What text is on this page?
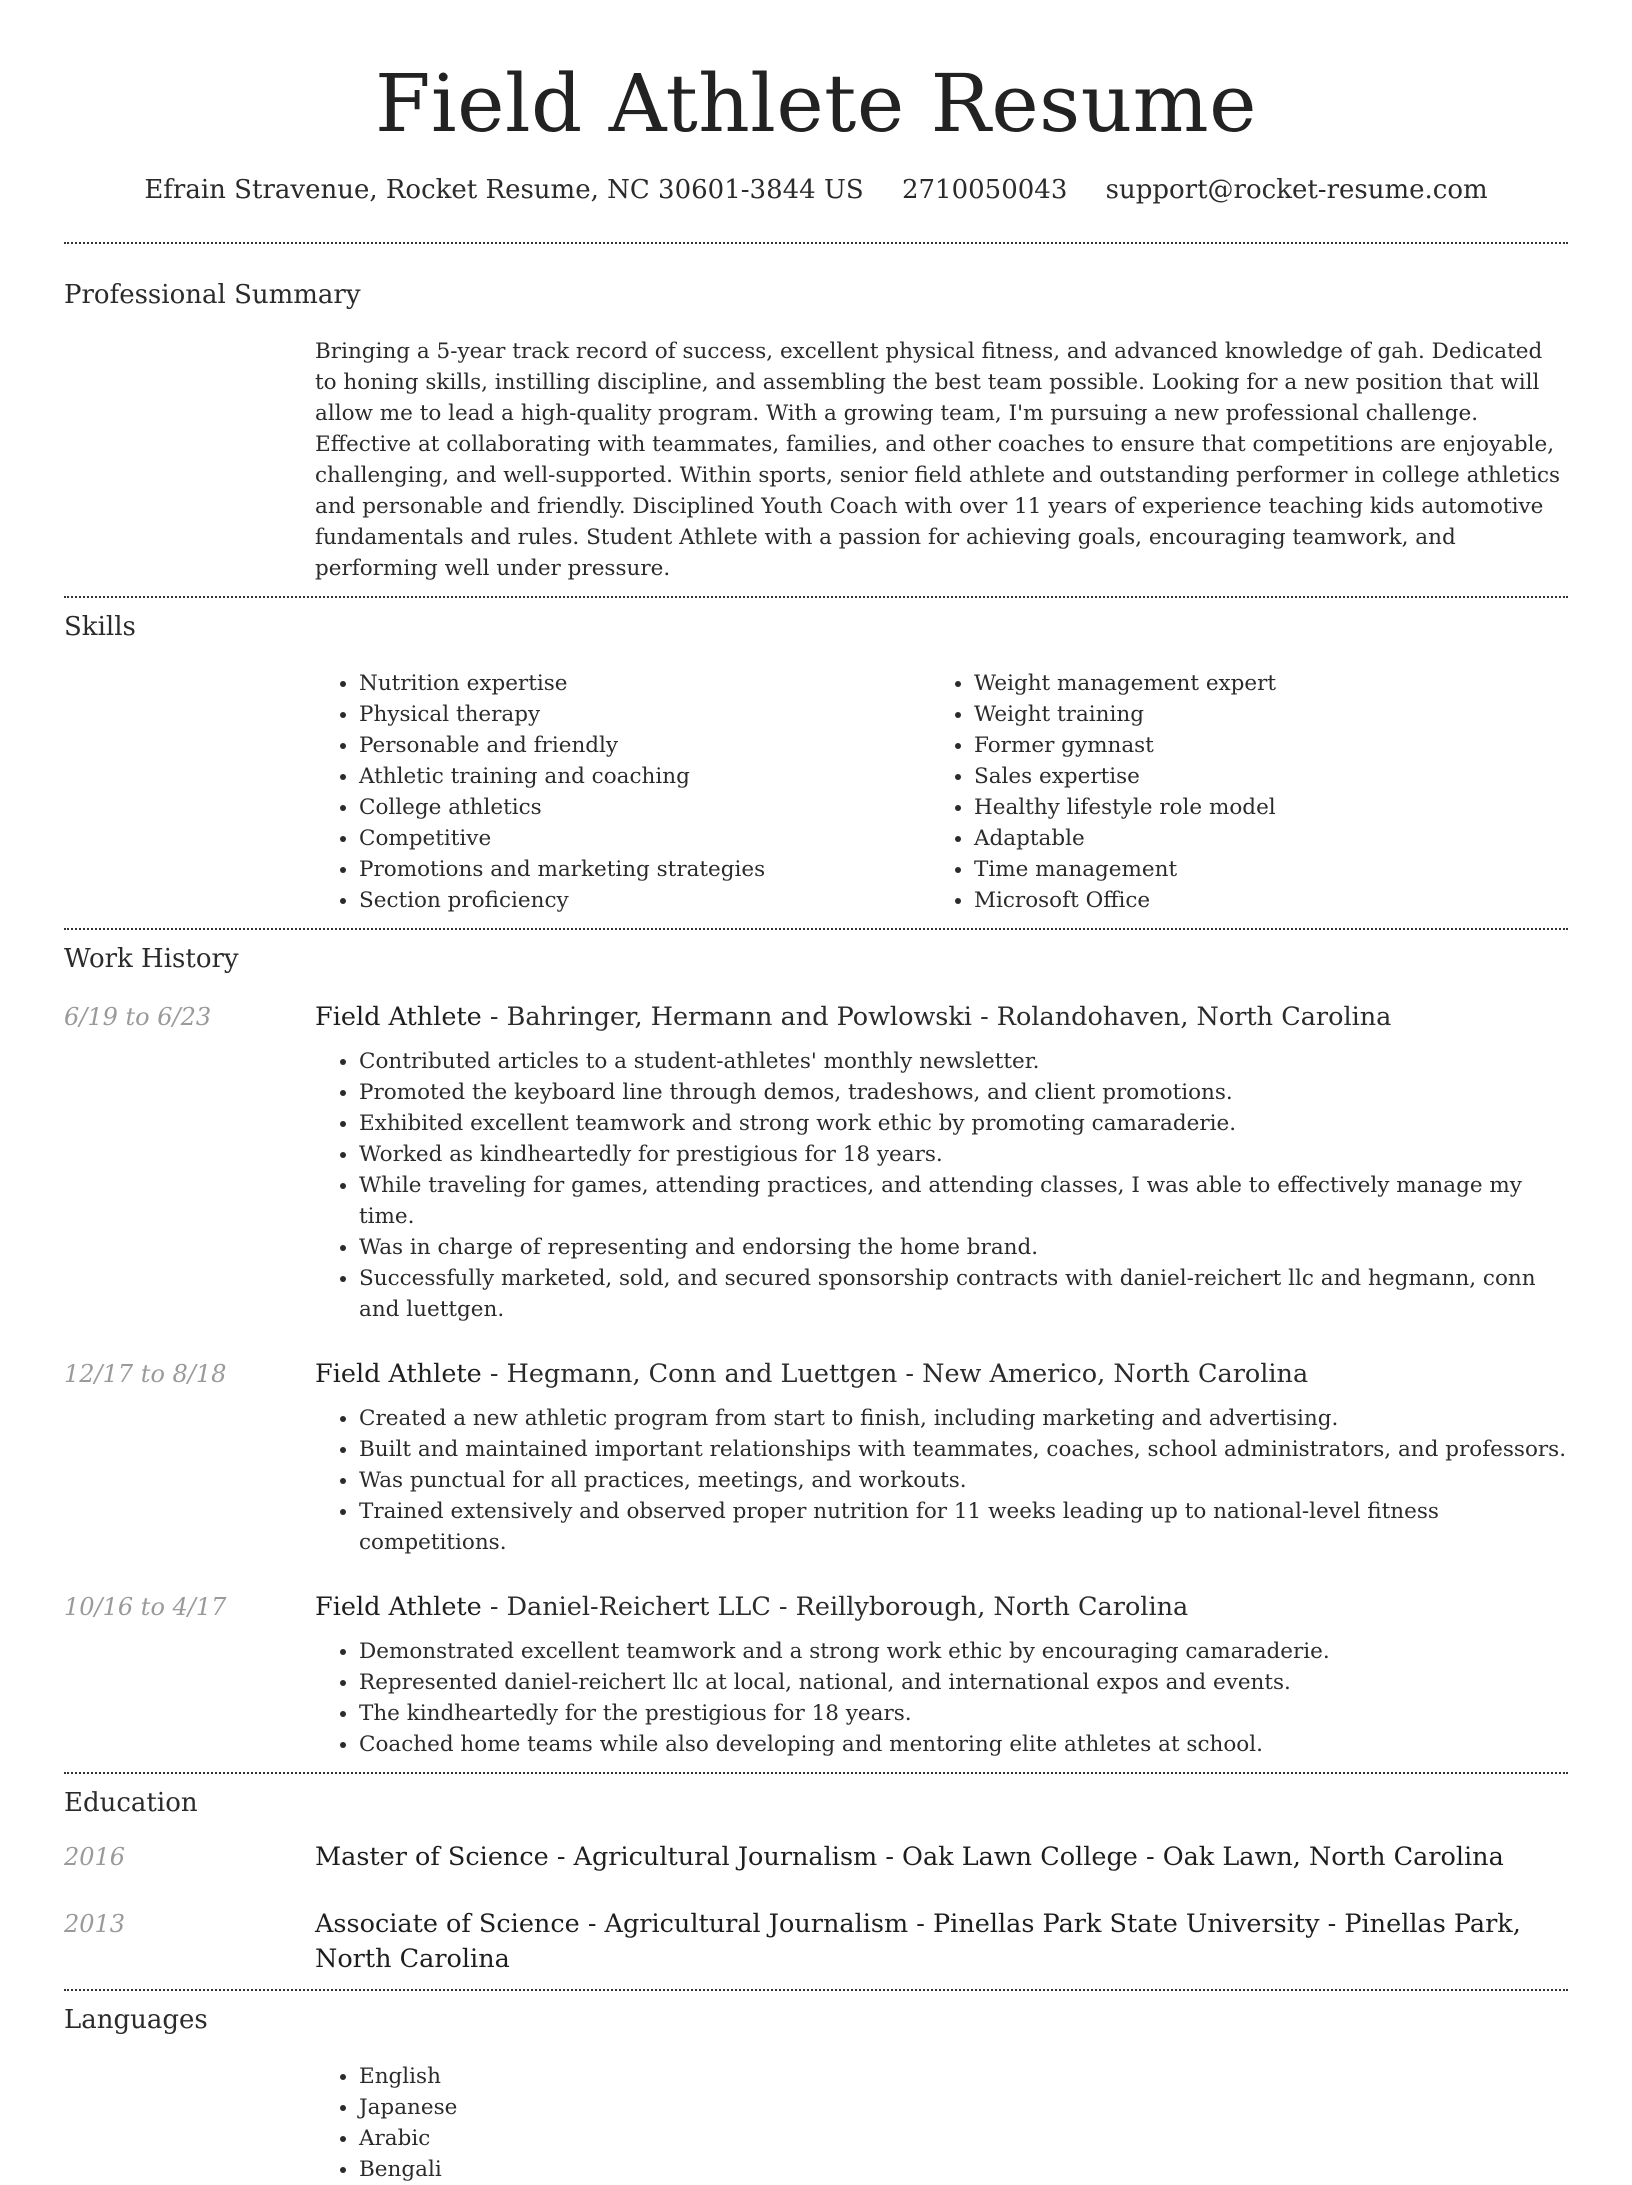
Field Athlete Resume
Efrain Stravenue, Rocket Resume, NC 30601-3844 US 2710050043 support@rocket-resume.com
Professional Summary

Bringing a 5-year track record of success, excellent physical fitness, and advanced knowledge of gah. Dedicated to honing skills, instilling discipline, and assembling the best team possible. Looking for a new position that will allow me to lead a high-quality program. With a growing team, I'm pursuing a new professional challenge. Effective at collaborating with teammates, families, and other coaches to ensure that competitions are enjoyable, challenging, and well-supported. Within sports, senior field athlete and outstanding performer in college athletics and personable and friendly. Disciplined Youth Coach with over 11 years of experience teaching kids automotive fundamentals and rules. Student Athlete with a passion for achieving goals, encouraging teamwork, and performing well under pressure.

Skills
• Nutrition expertise
• Physical therapy
• Personable and friendly
• Athletic training and coaching
• College athletics
• Competitive
• Promotions and marketing strategies
• Section proficiency
• Weight management expert
• Weight training
• Former gymnast
• Sales expertise
• Healthy lifestyle role model
• Adaptable
• Time management
• Microsoft Office
Work History
6/19 to 6/23	Field Athlete - Bahringer, Hermann and Powlowski - Rolandohaven, North Carolina
• Contributed articles to a student-athletes' monthly newsletter.
• Promoted the keyboard line through demos, tradeshows, and client promotions.
• Exhibited excellent teamwork and strong work ethic by promoting camaraderie.
• Worked as kindheartedly for prestigious for 18 years.
• While traveling for games, attending practices, and attending classes, I was able to effectively manage my time.
• Was in charge of representing and endorsing the home brand.
• Successfully marketed, sold, and secured sponsorship contracts with daniel-reichert llc and hegmann, conn and luettgen.
12/17 to 8/18	Field Athlete - Hegmann, Conn and Luettgen - New Americo, North Carolina
• Created a new athletic program from start to finish, including marketing and advertising.
• Built and maintained important relationships with teammates, coaches, school administrators, and professors.
• Was punctual for all practices, meetings, and workouts.
• Trained extensively and observed proper nutrition for 11 weeks leading up to national-level fitness competitions.
10/16 to 4/17	Field Athlete - Daniel-Reichert LLC - Reillyborough, North Carolina
• Demonstrated excellent teamwork and a strong work ethic by encouraging camaraderie.
• Represented daniel-reichert llc at local, national, and international expos and events.
• The kindheartedly for the prestigious for 18 years.
• Coached home teams while also developing and mentoring elite athletes at school.
Education
2016	Master of Science - Agricultural Journalism - Oak Lawn College - Oak Lawn, North Carolina
2013	Associate of Science - Agricultural Journalism - Pinellas Park State University - Pinellas Park, North Carolina
Languages
• English
• Japanese
• Arabic
• Bengali
